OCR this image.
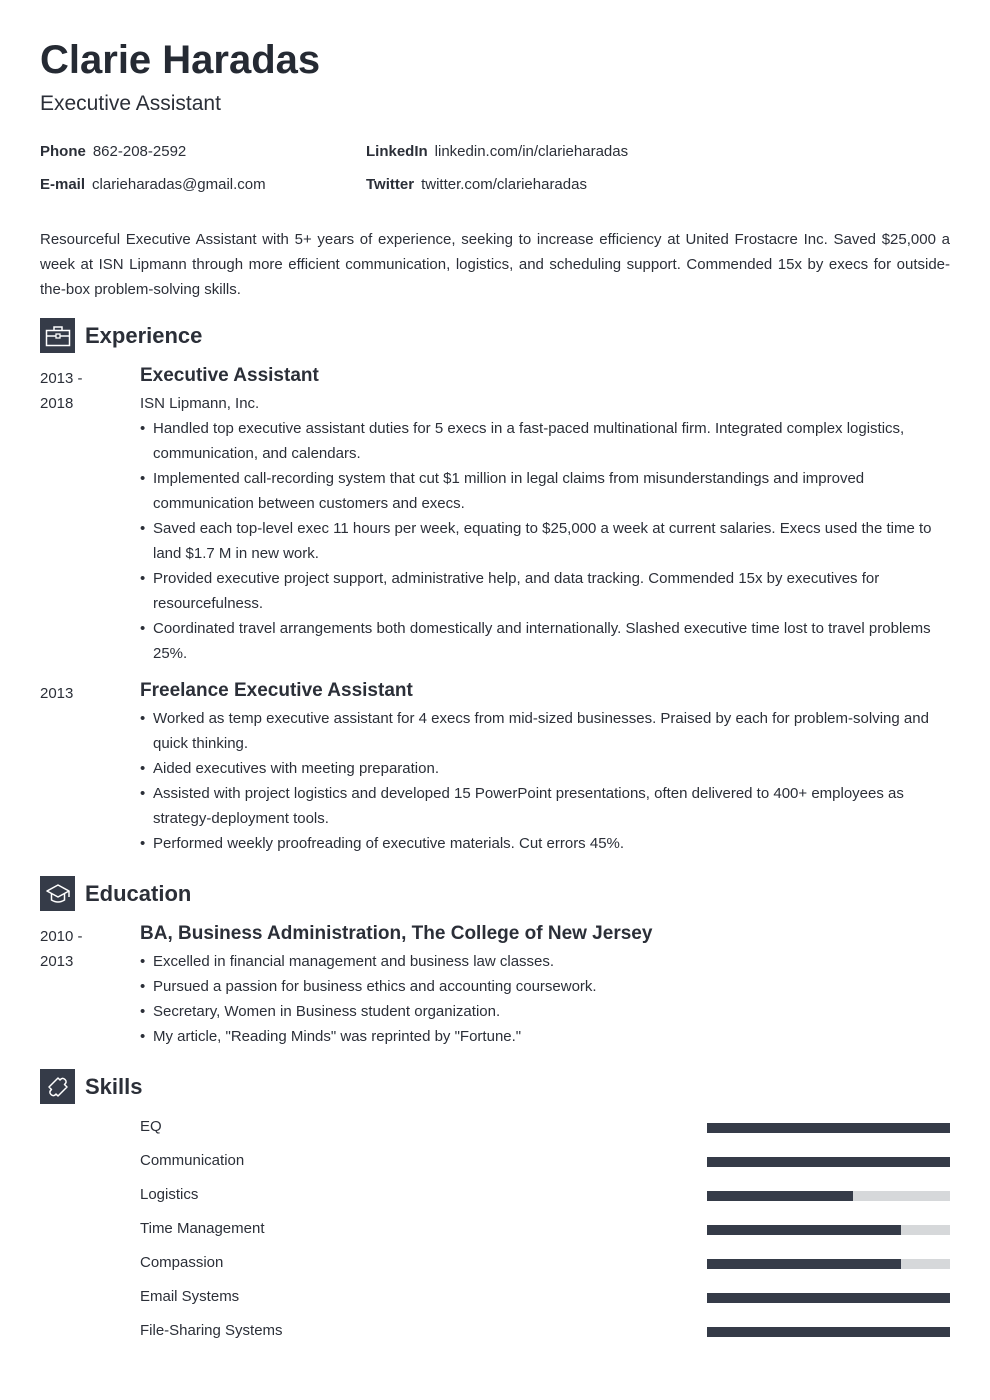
Clarie Haradas
Executive Assistant
Phone 862-208-2592
E-mail clarieharadas@gmail.com
LinkedIn linkedin.com/in/clarieharadas
Twitter twitter.com/clarieharadas
Resourceful Executive Assistant with 5+ years of experience, seeking to increase efficiency at United Frostacre Inc. Saved $25,000 a week at ISN Lipmann through more efficient communication, logistics, and scheduling support. Commended 15x by execs for outside-the-box problem-solving skills.
Experience
2013 -
2018
Executive Assistant
ISN Lipmann, Inc.
• Handled top executive assistant duties for 5 execs in a fast-paced multinational firm. Integrated complex logistics, communication, and calendars.
• Implemented call-recording system that cut $1 million in legal claims from misunderstandings and improved communication between customers and execs.
• Saved each top-level exec 11 hours per week, equating to $25,000 a week at current salaries. Execs used the time to land $1.7 M in new work.
• Provided executive project support, administrative help, and data tracking. Commended 15x by executives for resourcefulness.
• Coordinated travel arrangements both domestically and internationally. Slashed executive time lost to travel problems 25%.
2013	Freelance Executive Assistant
• Worked as temp executive assistant for 4 execs from mid-sized businesses. Praised by each for problem-solving and quick thinking.
• Aided executives with meeting preparation.
• Assisted with project logistics and developed 15 PowerPoint presentations, often delivered to 400+ employees as strategy-deployment tools.
• Performed weekly proofreading of executive materials. Cut errors 45%.
Education
2010 -
2013
BA, Business Administration, The College of New Jersey
• Excelled in financial management and business law classes.
• Pursued a passion for business ethics and accounting coursework.
• Secretary, Women in Business student organization.
• My article, "Reading Minds" was reprinted by "Fortune."
Skills
EQ
Communication
Logistics
Time Management
Compassion
Email Systems
File-Sharing Systems
